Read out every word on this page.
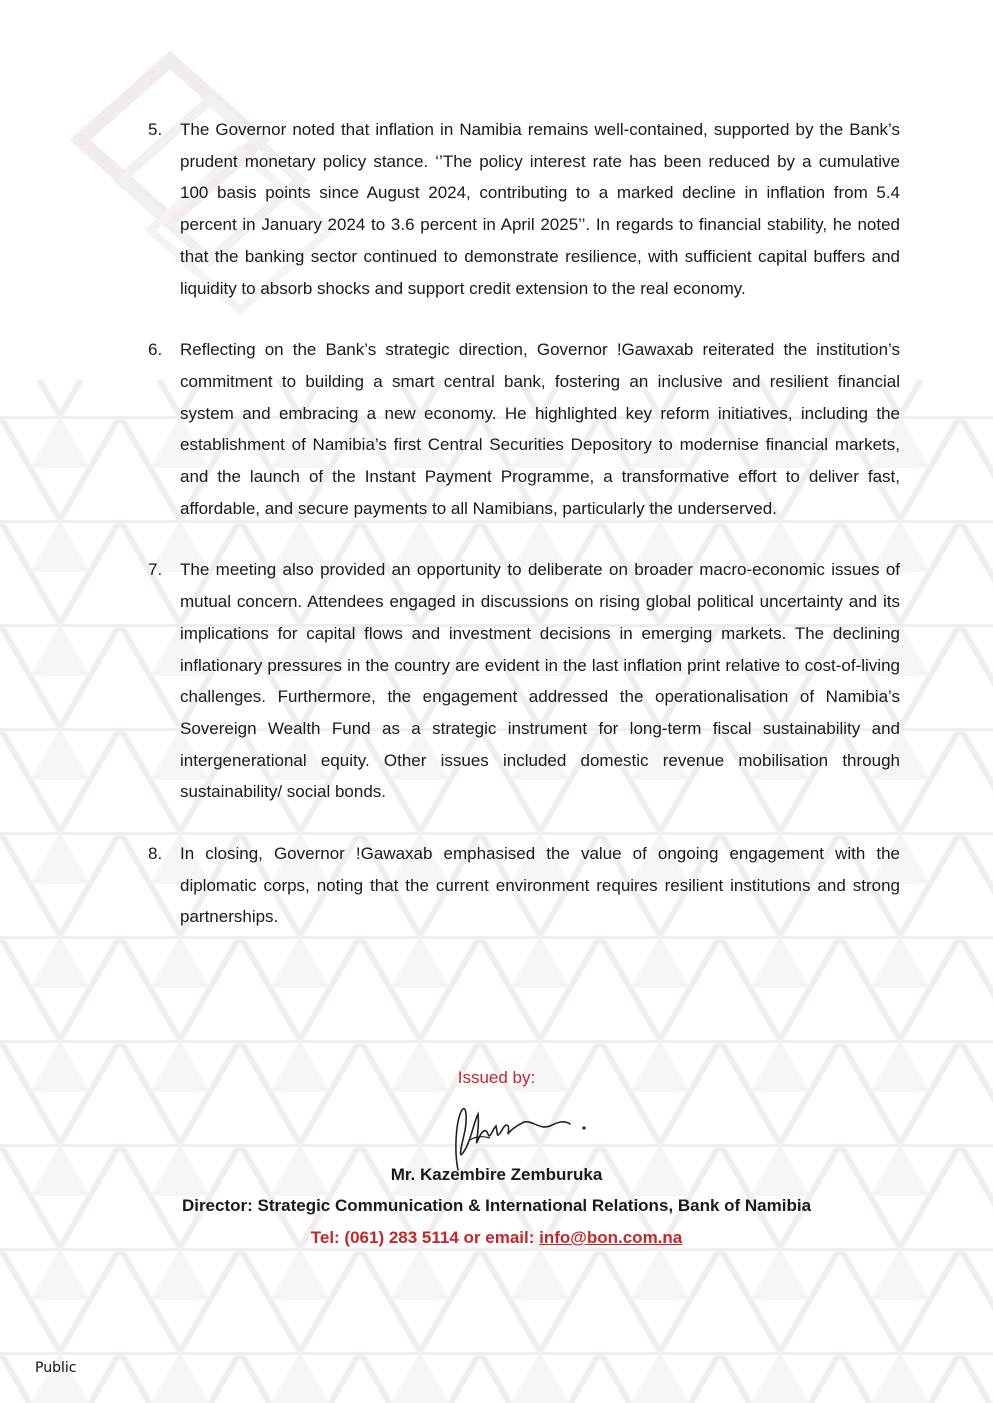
5.	The Governor noted that inflation in Namibia remains well-contained, supported by the Bank’s prudent monetary policy stance. ‘’The policy interest rate has been reduced by a cumulative 100 basis points since August 2024, contributing to a marked decline in inflation from 5.4 percent in January 2024 to 3.6 percent in April 2025’’. In regards to financial stability, he noted that the banking sector continued to demonstrate resilience, with sufficient capital buffers and liquidity to absorb shocks and support credit extension to the real economy.
6.	Reflecting on the Bank’s strategic direction, Governor !Gawaxab reiterated the institution’s commitment to building a smart central bank, fostering an inclusive and resilient financial system and embracing a new economy. He highlighted key reform initiatives, including the establishment of Namibia’s first Central Securities Depository to modernise financial markets, and the launch of the Instant Payment Programme, a transformative effort to deliver fast, affordable, and secure payments to all Namibians, particularly the underserved.
7.	The meeting also provided an opportunity to deliberate on broader macro-economic issues of mutual concern. Attendees engaged in discussions on rising global political uncertainty and its implications for capital flows and investment decisions in emerging markets. The declining inflationary pressures in the country are evident in the last inflation print relative to cost-of-living challenges. Furthermore, the engagement addressed the operationalisation of Namibia’s Sovereign Wealth Fund as a strategic instrument for long-term fiscal sustainability and intergenerational equity. Other issues included domestic revenue mobilisation through sustainability/ social bonds.
8.	In closing, Governor !Gawaxab emphasised the value of ongoing engagement with the diplomatic corps, noting that the current environment requires resilient institutions and strong partnerships.
Issued by:
Mr. Kazembire Zemburuka
Director: Strategic Communication & International Relations, Bank of Namibia
Tel: (061) 283 5114 or email: info@bon.com.na
Public
